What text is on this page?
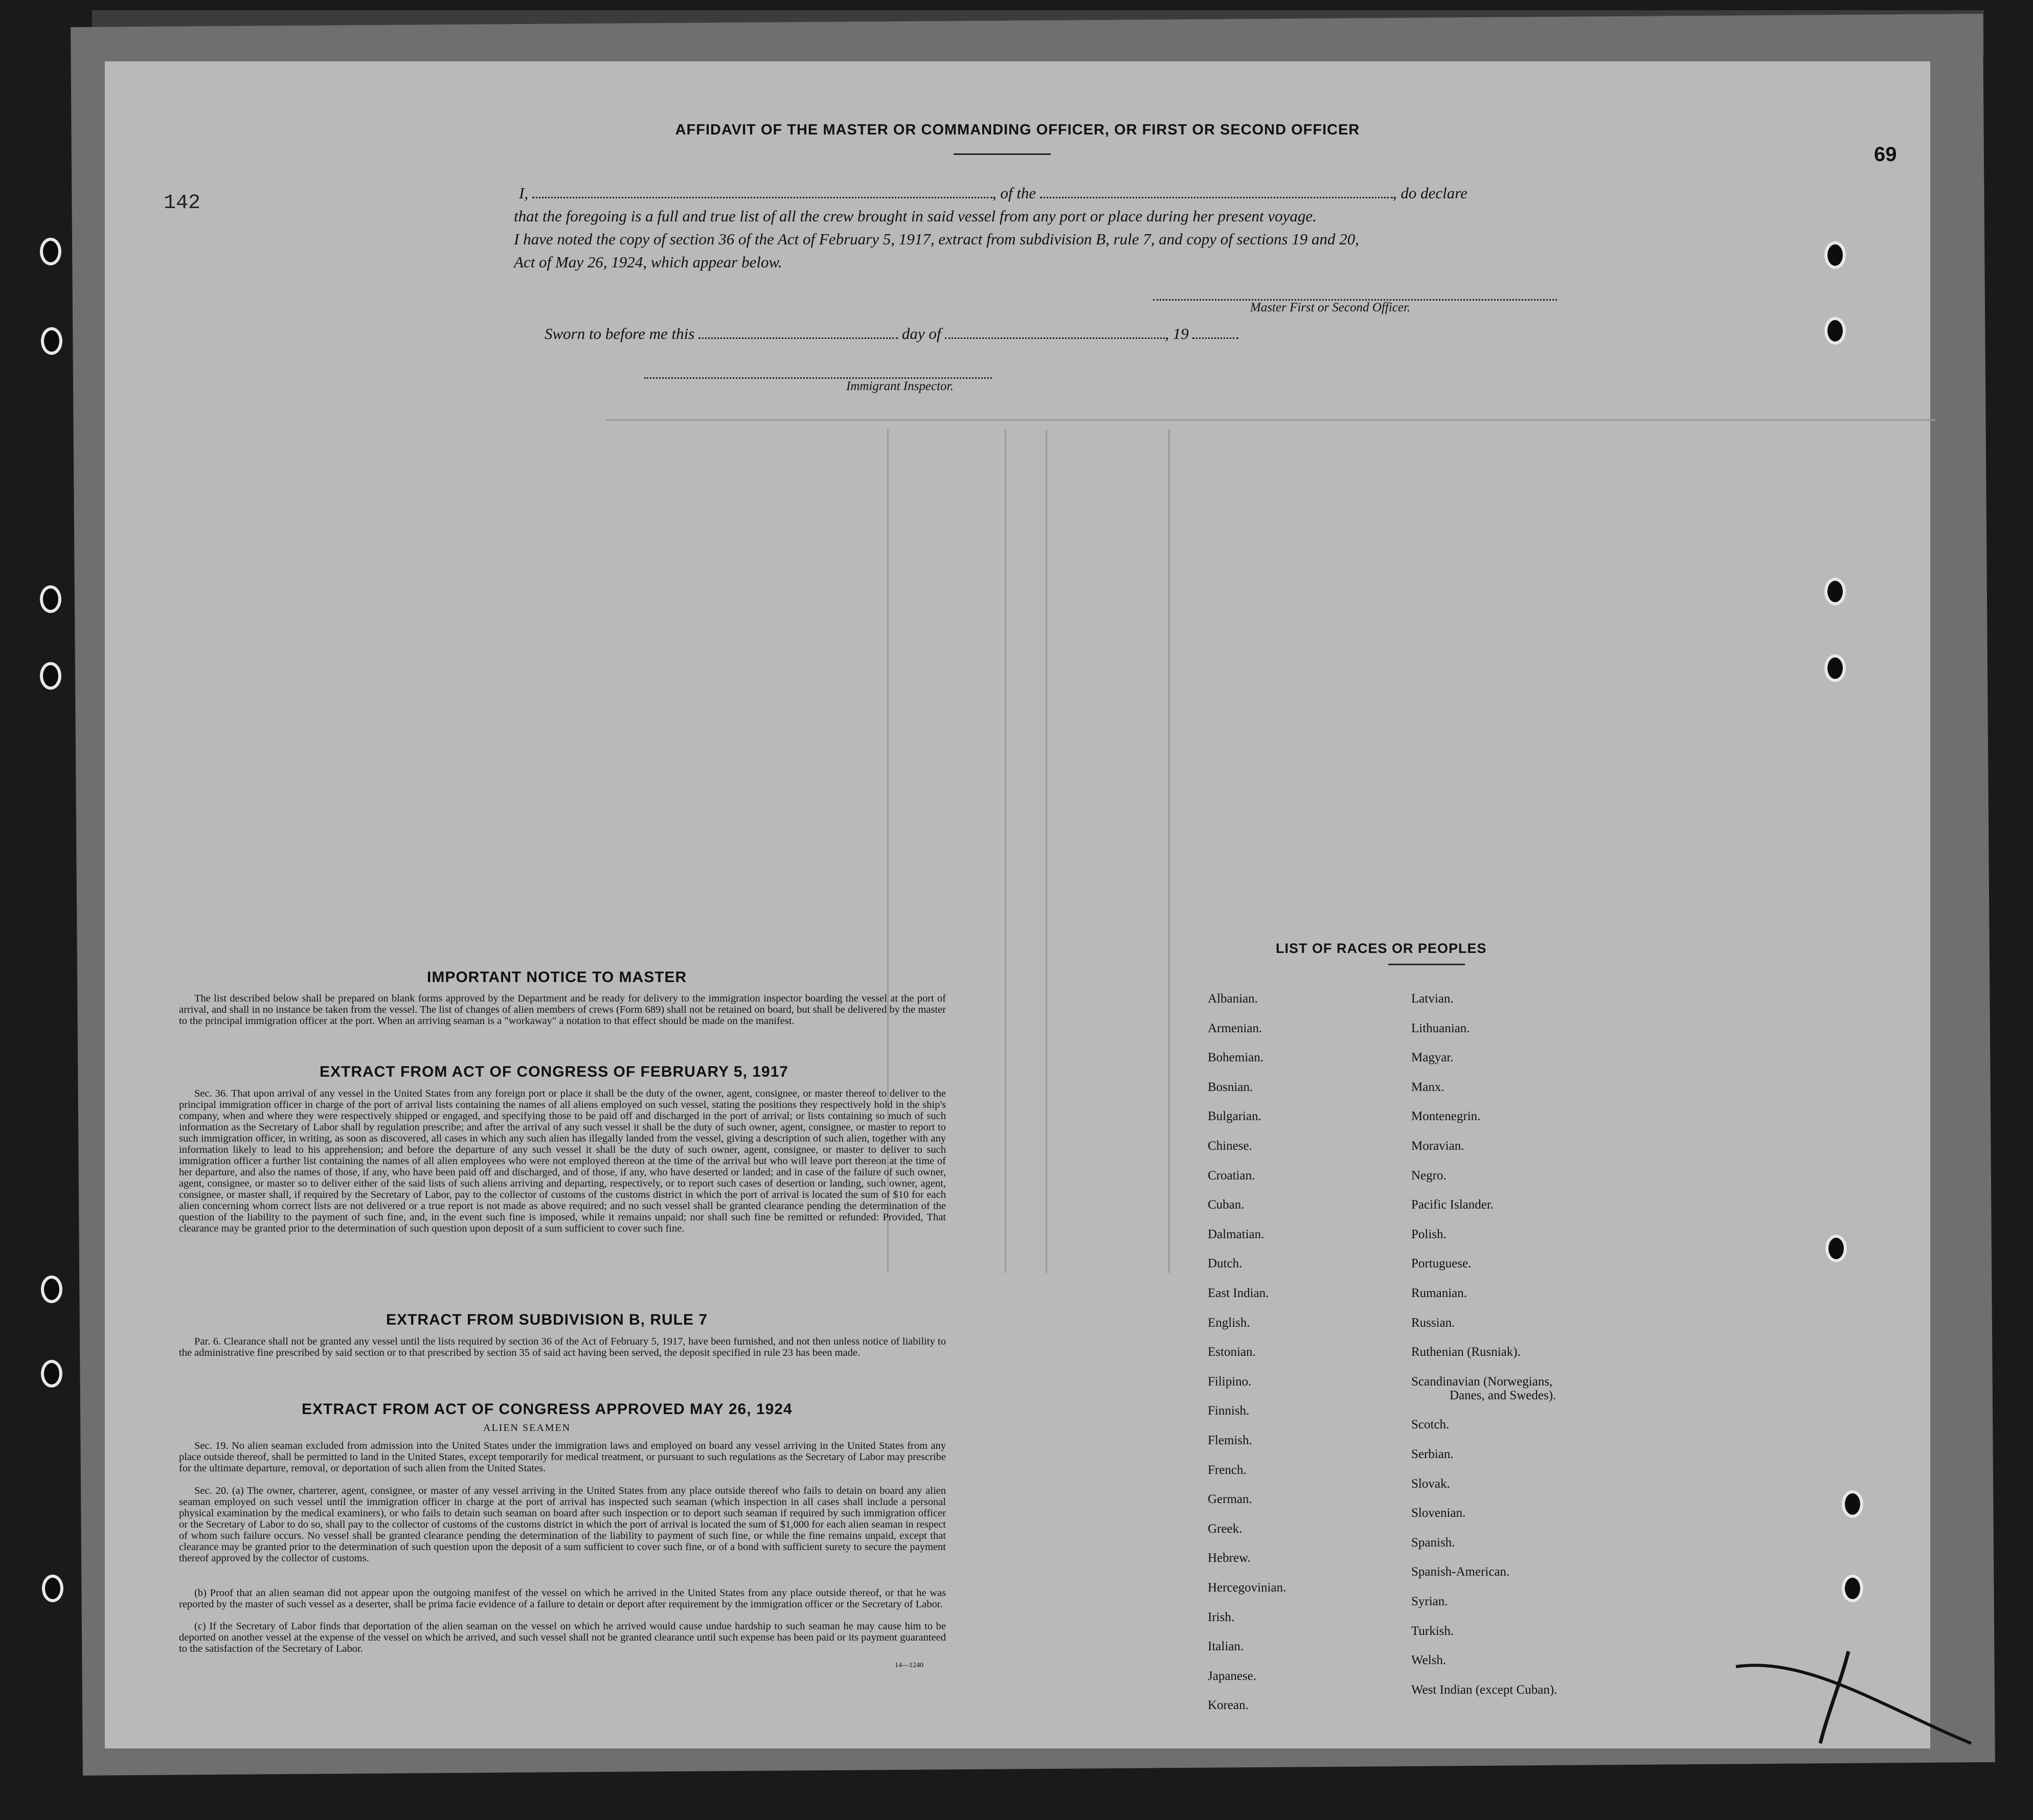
142
69
AFFIDAVIT OF THE MASTER OR COMMANDING OFFICER, OR FIRST OR SECOND OFFICER
I,	, of the	, do declare
that the foregoing is a full and true list of all the crew brought in said vessel from any port or place during her present voyage.
I have noted the copy of section 36 of the Act of February 5, 1917, extract from subdivision B, rule 7, and copy of sections 19 and 20,
Act of May 26, 1924, which appear below.
Master First or Second Officer.
Sworn to before me this	day of	, 19
Immigrant Inspector.
IMPORTANT NOTICE TO MASTER
The list described below shall be prepared on blank forms approved by the Department and be ready for delivery to the immigration inspector boarding the vessel at the port of arrival, and shall in no instance be taken from the vessel. The list of changes of alien members of crews (Form 689) shall not be retained on board, but shall be delivered by the master to the principal immigration officer at the port. When an arriving seaman is a "workaway" a notation to that effect should be made on the manifest.
EXTRACT FROM ACT OF CONGRESS OF FEBRUARY 5, 1917
Sec. 36. That upon arrival of any vessel in the United States from any foreign port or place it shall be the duty of the owner, agent, consignee, or master thereof to deliver to the principal immigration officer in charge of the port of arrival lists containing the names of all aliens employed on such vessel, stating the positions they respectively hold in the ship's company, when and where they were respectively shipped or engaged, and specifying those to be paid off and discharged in the port of arrival; or lists containing so much of such information as the Secretary of Labor shall by regulation prescribe; and after the arrival of any such vessel it shall be the duty of such owner, agent, consignee, or master to report to such immigration officer, in writing, as soon as discovered, all cases in which any such alien has illegally landed from the vessel, giving a description of such alien, together with any information likely to lead to his apprehension; and before the departure of any such vessel it shall be the duty of such owner, agent, consignee, or master to deliver to such immigration officer a further list containing the names of all alien employees who were not employed thereon at the time of the arrival but who will leave port thereon at the time of her departure, and also the names of those, if any, who have been paid off and discharged, and of those, if any, who have deserted or landed; and in case of the failure of such owner, agent, consignee, or master so to deliver either of the said lists of such aliens arriving and departing, respectively, or to report such cases of desertion or landing, such owner, agent, consignee, or master shall, if required by the Secretary of Labor, pay to the collector of customs of the customs district in which the port of arrival is located the sum of $10 for each alien concerning whom correct lists are not delivered or a true report is not made as above required; and no such vessel shall be granted clearance pending the determination of the question of the liability to the payment of such fine, and, in the event such fine is imposed, while it remains unpaid; nor shall such fine be remitted or refunded: Provided, That clearance may be granted prior to the determination of such question upon deposit of a sum sufficient to cover such fine.
EXTRACT FROM SUBDIVISION B, RULE 7
Par. 6. Clearance shall not be granted any vessel until the lists required by section 36 of the Act of February 5, 1917, have been furnished, and not then unless notice of liability to the administrative fine prescribed by said section or to that prescribed by section 35 of said act having been served, the deposit specified in rule 23 has been made.
EXTRACT FROM ACT OF CONGRESS APPROVED MAY 26, 1924
ALIEN SEAMEN
Sec. 19. No alien seaman excluded from admission into the United States under the immigration laws and employed on board any vessel arriving in the United States from any place outside thereof, shall be permitted to land in the United States, except temporarily for medical treatment, or pursuant to such regulations as the Secretary of Labor may prescribe for the ultimate departure, removal, or deportation of such alien from the United States.
Sec. 20. (a) The owner, charterer, agent, consignee, or master of any vessel arriving in the United States from any place outside thereof who fails to detain on board any alien seaman employed on such vessel until the immigration officer in charge at the port of arrival has inspected such seaman (which inspection in all cases shall include a personal physical examination by the medical examiners), or who fails to detain such seaman on board after such inspection or to deport such seaman if required by such immigration officer or the Secretary of Labor to do so, shall pay to the collector of customs of the customs district in which the port of arrival is located the sum of $1,000 for each alien seaman in respect of whom such failure occurs. No vessel shall be granted clearance pending the determination of the liability to payment of such fine, or while the fine remains unpaid, except that clearance may be granted prior to the determination of such question upon the deposit of a sum sufficient to cover such fine, or of a bond with sufficient surety to secure the payment thereof approved by the collector of customs.
(b) Proof that an alien seaman did not appear upon the outgoing manifest of the vessel on which he arrived in the United States from any place outside thereof, or that he was reported by the master of such vessel as a deserter, shall be prima facie evidence of a failure to detain or deport after requirement by the immigration officer or the Secretary of Labor.
(c) If the Secretary of Labor finds that deportation of the alien seaman on the vessel on which he arrived would cause undue hardship to such seaman he may cause him to be deported on another vessel at the expense of the vessel on which he arrived, and such vessel shall not be granted clearance until such expense has been paid or its payment guaranteed to the satisfaction of the Secretary of Labor.
14—1240
LIST OF RACES OR PEOPLES
Albanian.
Armenian.
Bohemian.
Bosnian.
Bulgarian.
Chinese.
Croatian.
Cuban.
Dalmatian.
Dutch.
East Indian.
English.
Estonian.
Filipino.
Finnish.
Flemish.
French.
German.
Greek.
Hebrew.
Hercegovinian.
Irish.
Italian.
Japanese.
Korean.
Latvian.
Lithuanian.
Magyar.
Manx.
Montenegrin.
Moravian.
Negro.
Pacific Islander.
Polish.
Portuguese.
Rumanian.
Russian.
Ruthenian (Rusniak).
Scandinavian (Norwegians,
Danes, and Swedes).
Scotch.
Serbian.
Slovak.
Slovenian.
Spanish.
Spanish-American.
Syrian.
Turkish.
Welsh.
West Indian (except Cuban).
